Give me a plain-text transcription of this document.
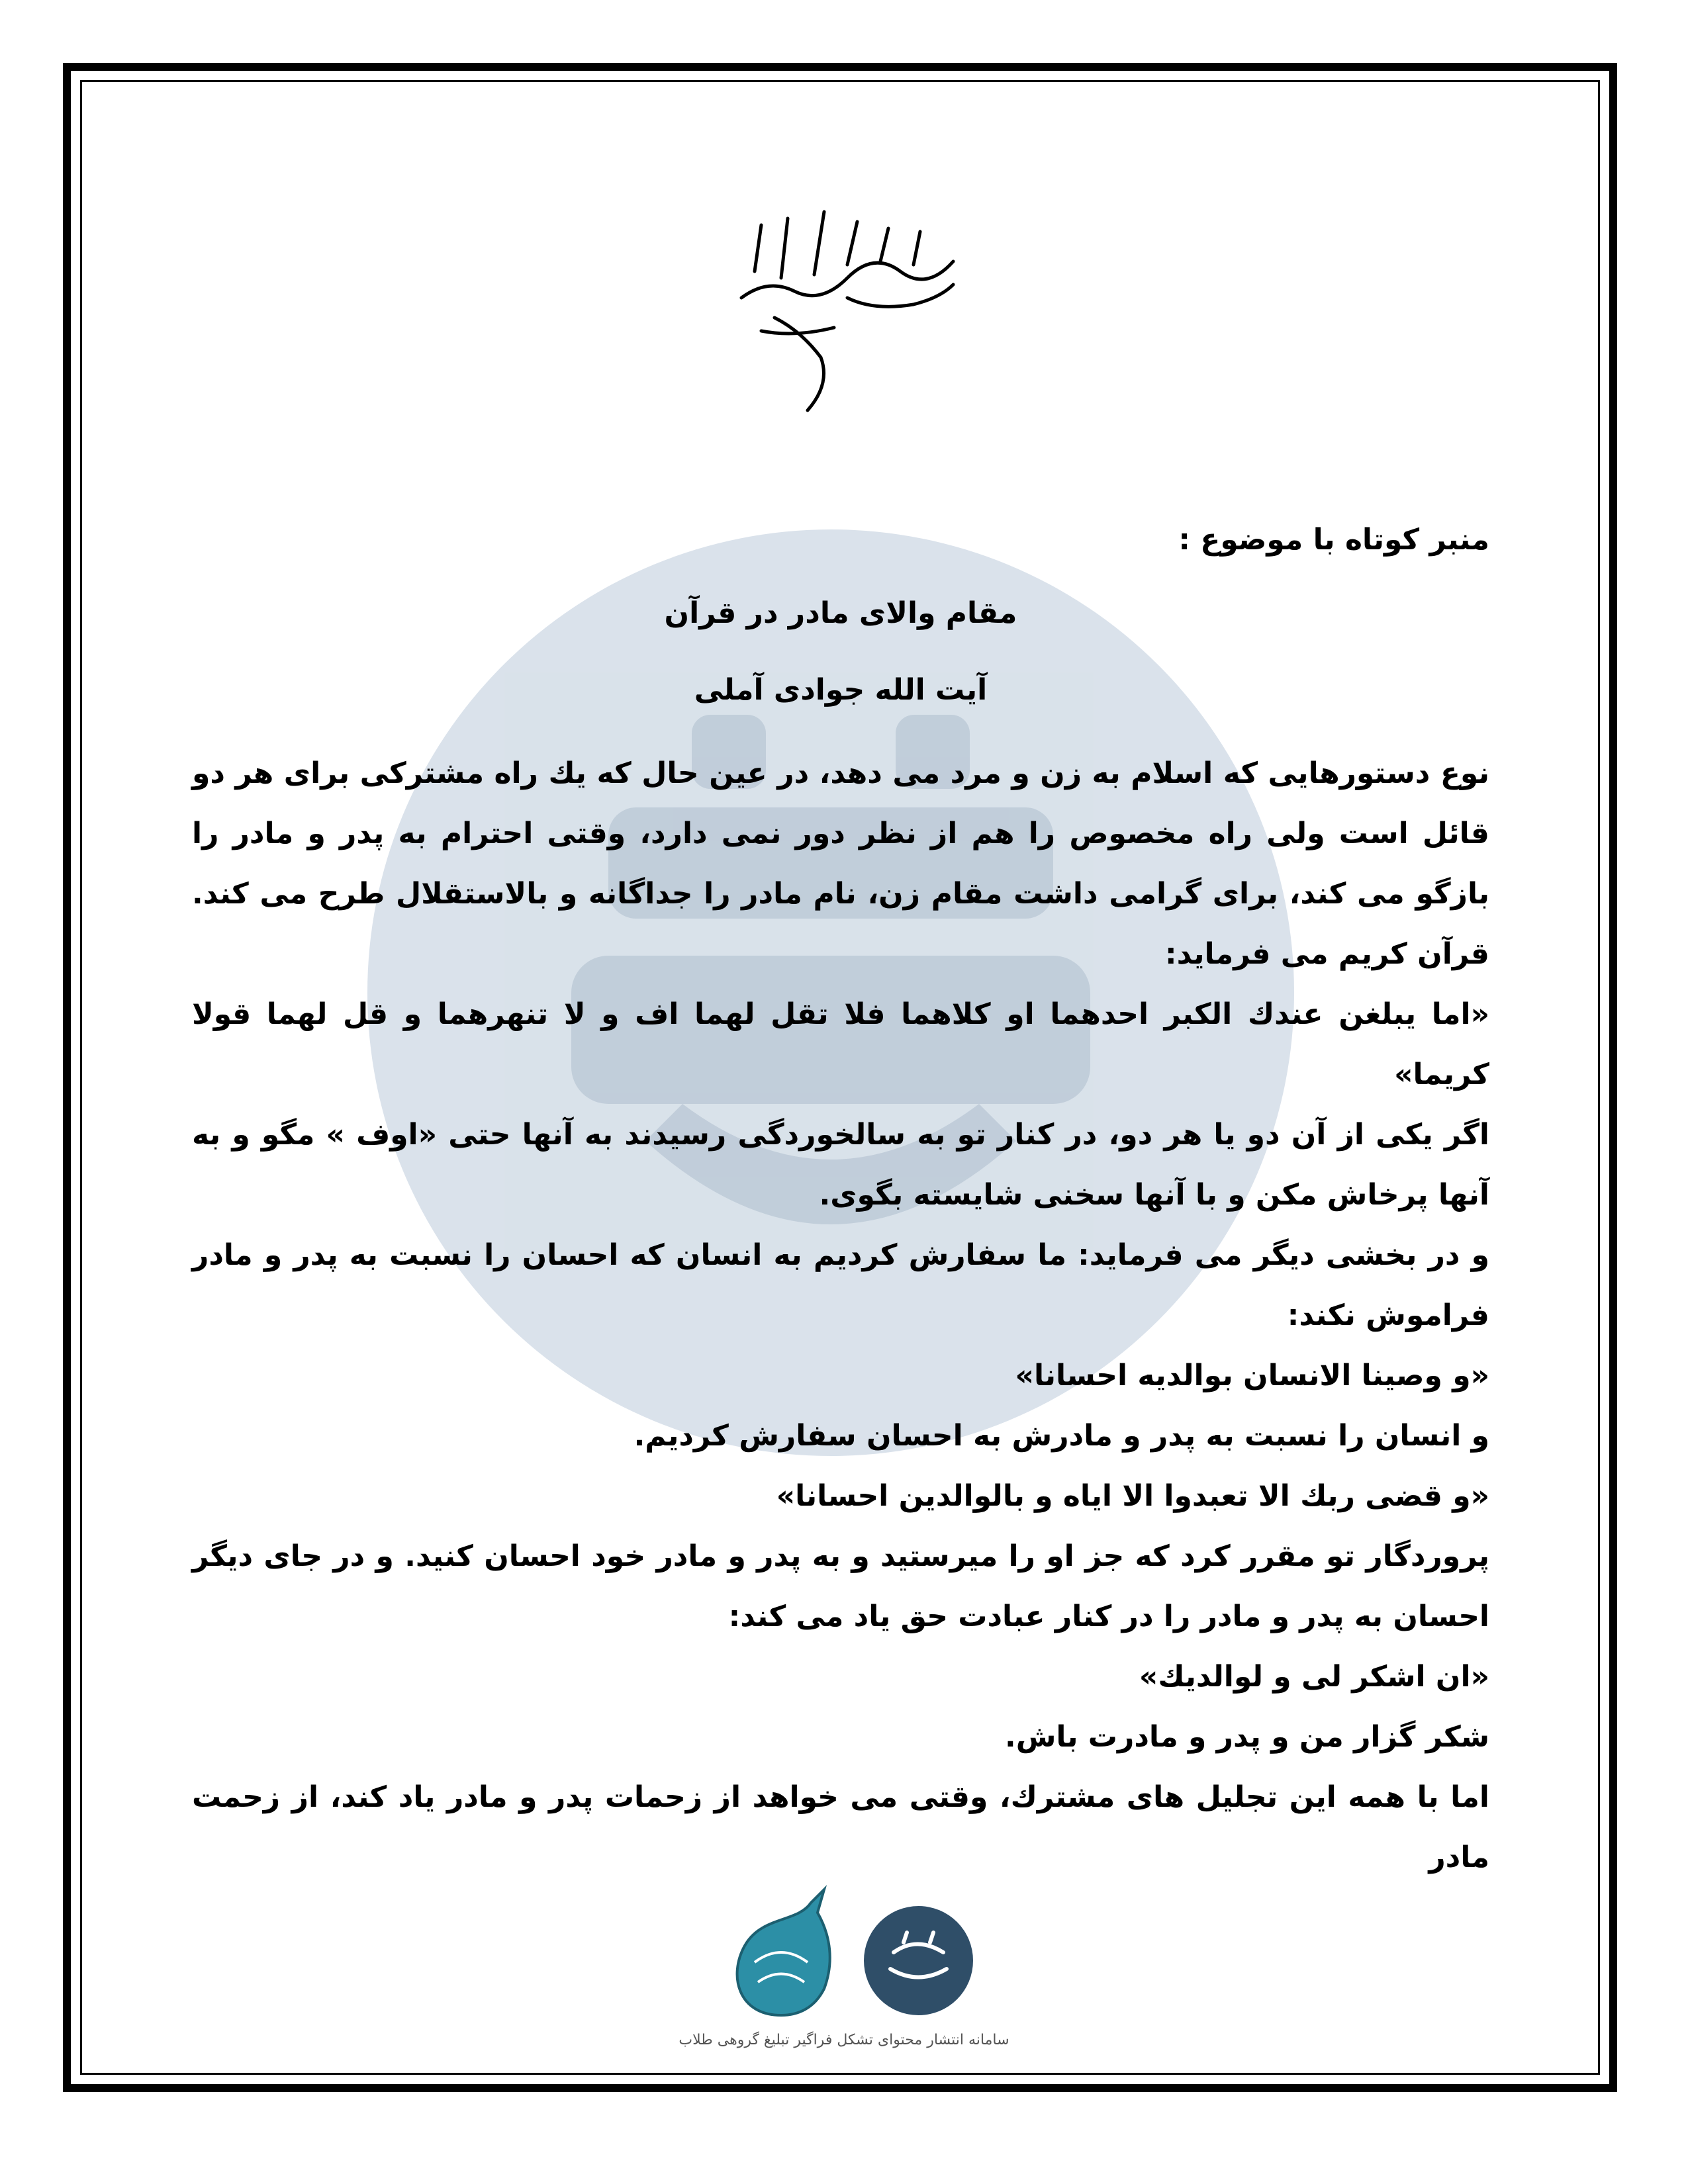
منبر کوتاه با موضوع :

مقام والای مادر در قرآن

آیت الله جوادی آملی

نوع دستورهایی که اسلام به زن و مرد می دهد، در عین حال که یك راه مشترکی برای هر دو قائل است ولی راه مخصوص را هم از نظر دور نمی دارد، وقتی احترام به پدر و مادر را بازگو می کند، برای گرامی داشت مقام زن، نام مادر را جداگانه و بالاستقلال طرح می کند. قرآن کریم می فرماید:

«اما یبلغن عندك الکبر احدهما او کلاهما فلا تقل لهما اف و لا تنهرهما و قل لهما قولا کریما»

اگر یکی از آن دو یا هر دو، در کنار تو به سالخوردگی رسیدند به آنها حتی «اوف » مگو و به آنها پرخاش مکن و با آنها سخنی شایسته بگوی.

و در بخشی دیگر می فرماید: ما سفارش کردیم به انسان که احسان را نسبت به پدر و مادر فراموش نکند:

«و وصینا الانسان بوالدیه احسانا»

و انسان را نسبت به پدر و مادرش به احسان سفارش کردیم.

«و قضی ربك الا تعبدوا الا ایاه و بالوالدین احسانا»

پروردگار تو مقرر کرد که جز او را میرستید و به پدر و مادر خود احسان کنید. و در جای دیگر احسان به پدر و مادر را در کنار عبادت حق یاد می کند:

«ان اشکر لی و لوالدیك»

شکر گزار من و پدر و مادرت باش.

اما با همه این تجلیل های مشترك، وقتی می خواهد از زحمات پدر و مادر یاد کند، از زحمت مادر

سامانه انتشار محتوای تشکل فراگیر تبلیغ گروهی طلاب
